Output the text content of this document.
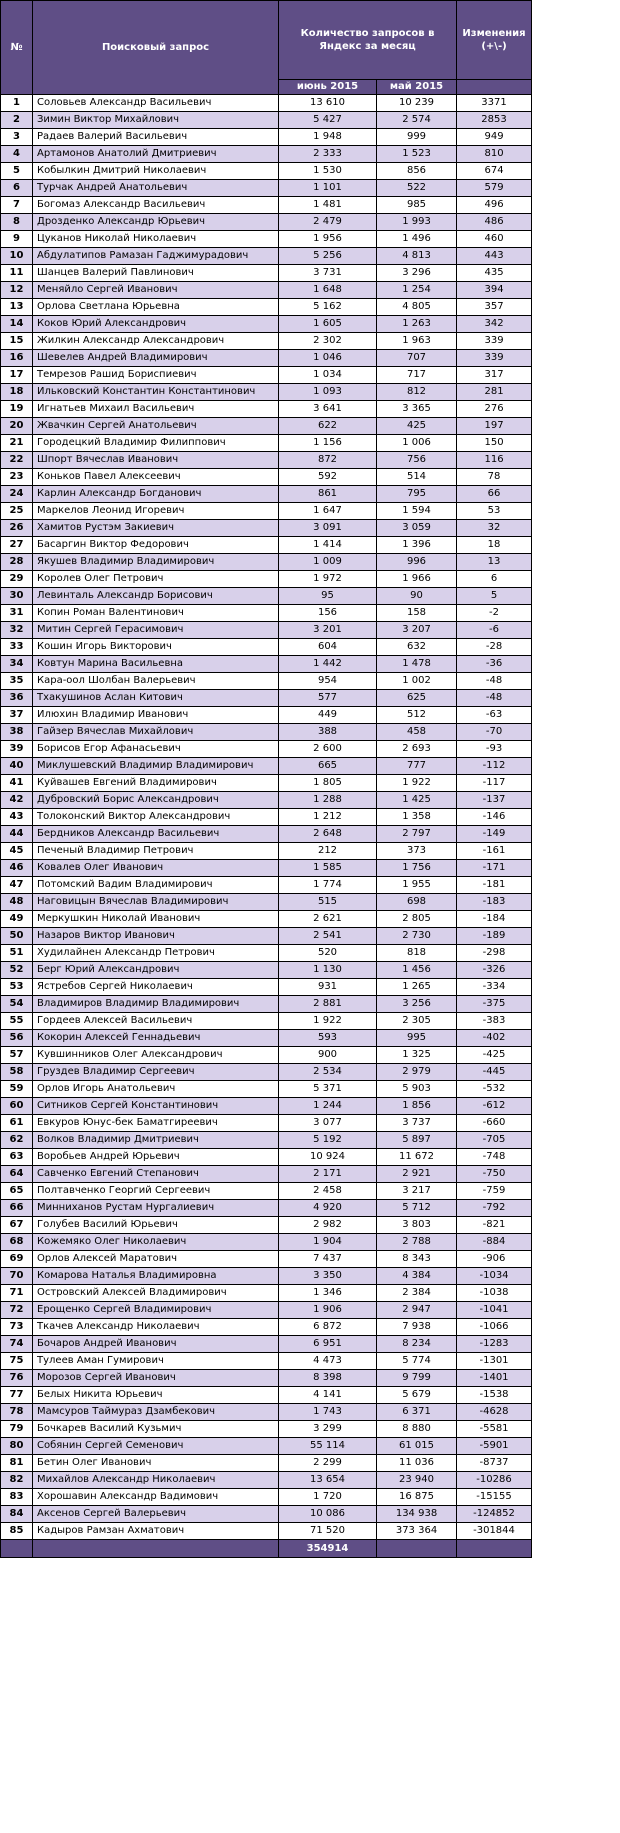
№	Поисковый запрос	Количество запросов в Яндекс за месяц		Изменения (+\-)
		июнь 2015	май 2015	
1	Соловьев Александр Васильевич	13 610	10 239	3371
2	Зимин Виктор Михайлович	5 427	2 574	2853
3	Радаев Валерий Васильевич	1 948	999	949
4	Артамонов Анатолий Дмитриевич	2 333	1 523	810
5	Кобылкин Дмитрий Николаевич	1 530	856	674
6	Турчак Андрей Анатольевич	1 101	522	579
7	Богомаз Александр Васильевич	1 481	985	496
8	Дрозденко Александр Юрьевич	2 479	1 993	486
9	Цуканов Николай Николаевич	1 956	1 496	460
10	Абдулатипов Рамазан Гаджимурадович	5 256	4 813	443
11	Шанцев Валерий Павлинович	3 731	3 296	435
12	Меняйло Сергей Иванович	1 648	1 254	394
13	Орлова Светлана Юрьевна	5 162	4 805	357
14	Коков Юрий Александрович	1 605	1 263	342
15	Жилкин Александр Александрович	2 302	1 963	339
16	Шевелев Андрей Владимирович	1 046	707	339
17	Темрезов Рашид Бориспиевич	1 034	717	317
18	Ильковский Константин Константинович	1 093	812	281
19	Игнатьев Михаил Васильевич	3 641	3 365	276
20	Жвачкин Сергей Анатольевич	622	425	197
21	Городецкий Владимир Филиппович	1 156	1 006	150
22	Шпорт Вячеслав Иванович	872	756	116
23	Коньков Павел Алексеевич	592	514	78
24	Карлин Александр Богданович	861	795	66
25	Маркелов Леонид Игоревич	1 647	1 594	53
26	Хамитов Рустэм Закиевич	3 091	3 059	32
27	Басаргин Виктор Федорович	1 414	1 396	18
28	Якушев Владимир Владимирович	1 009	996	13
29	Королев Олег Петрович	1 972	1 966	6
30	Левинталь Александр Борисович	95	90	5
31	Копин Роман Валентинович	156	158	-2
32	Митин Сергей Герасимович	3 201	3 207	-6
33	Кошин Игорь Викторович	604	632	-28
34	Ковтун Марина Васильевна	1 442	1 478	-36
35	Кара-оол Шолбан Валерьевич	954	1 002	-48
36	Тхакушинов Аслан Китович	577	625	-48
37	Илюхин Владимир Иванович	449	512	-63
38	Гайзер Вячеслав Михайлович	388	458	-70
39	Борисов Егор Афанасьевич	2 600	2 693	-93
40	Миклушевский Владимир Владимирович	665	777	-112
41	Куйвашев Евгений Владимирович	1 805	1 922	-117
42	Дубровский Борис Александрович	1 288	1 425	-137
43	Толоконский Виктор Александрович	1 212	1 358	-146
44	Бердников Александр Васильевич	2 648	2 797	-149
45	Печеный Владимир Петрович	212	373	-161
46	Ковалев Олег Иванович	1 585	1 756	-171
47	Потомский Вадим Владимирович	1 774	1 955	-181
48	Наговицын Вячеслав Владимирович	515	698	-183
49	Меркушкин Николай Иванович	2 621	2 805	-184
50	Назаров Виктор Иванович	2 541	2 730	-189
51	Худилайнен Александр Петрович	520	818	-298
52	Берг Юрий Александрович	1 130	1 456	-326
53	Ястребов Сергей Николаевич	931	1 265	-334
54	Владимиров Владимир Владимирович	2 881	3 256	-375
55	Гордеев Алексей Васильевич	1 922	2 305	-383
56	Кокорин Алексей Геннадьевич	593	995	-402
57	Кувшинников Олег Александрович	900	1 325	-425
58	Груздев Владимир Сергеевич	2 534	2 979	-445
59	Орлов Игорь Анатольевич	5 371	5 903	-532
60	Ситников Сергей Константинович	1 244	1 856	-612
61	Евкуров Юнус-бек Баматгиреевич	3 077	3 737	-660
62	Волков Владимир Дмитриевич	5 192	5 897	-705
63	Воробьев Андрей Юрьевич	10 924	11 672	-748
64	Савченко Евгений Степанович	2 171	2 921	-750
65	Полтавченко Георгий Сергеевич	2 458	3 217	-759
66	Минниханов Рустам Нургалиевич	4 920	5 712	-792
67	Голубев Василий Юрьевич	2 982	3 803	-821
68	Кожемяко Олег Николаевич	1 904	2 788	-884
69	Орлов Алексей Маратович	7 437	8 343	-906
70	Комарова Наталья Владимировна	3 350	4 384	-1034
71	Островский Алексей Владимирович	1 346	2 384	-1038
72	Ерощенко Сергей Владимирович	1 906	2 947	-1041
73	Ткачев Александр Николаевич	6 872	7 938	-1066
74	Бочаров Андрей Иванович	6 951	8 234	-1283
75	Тулеев Аман Гумирович	4 473	5 774	-1301
76	Морозов Сергей Иванович	8 398	9 799	-1401
77	Белых Никита Юрьевич	4 141	5 679	-1538
78	Мамсуров Таймураз Дзамбекович	1 743	6 371	-4628
79	Бочкарев Василий Кузьмич	3 299	8 880	-5581
80	Собянин Сергей Семенович	55 114	61 015	-5901
81	Бетин Олег Иванович	2 299	11 036	-8737
82	Михайлов Александр Николаевич	13 654	23 940	-10286
83	Хорошавин Александр Вадимович	1 720	16 875	-15155
84	Аксенов Сергей Валерьевич	10 086	134 938	-124852
85	Кадыров Рамзан Ахматович	71 520	373 364	-301844
		354914		
